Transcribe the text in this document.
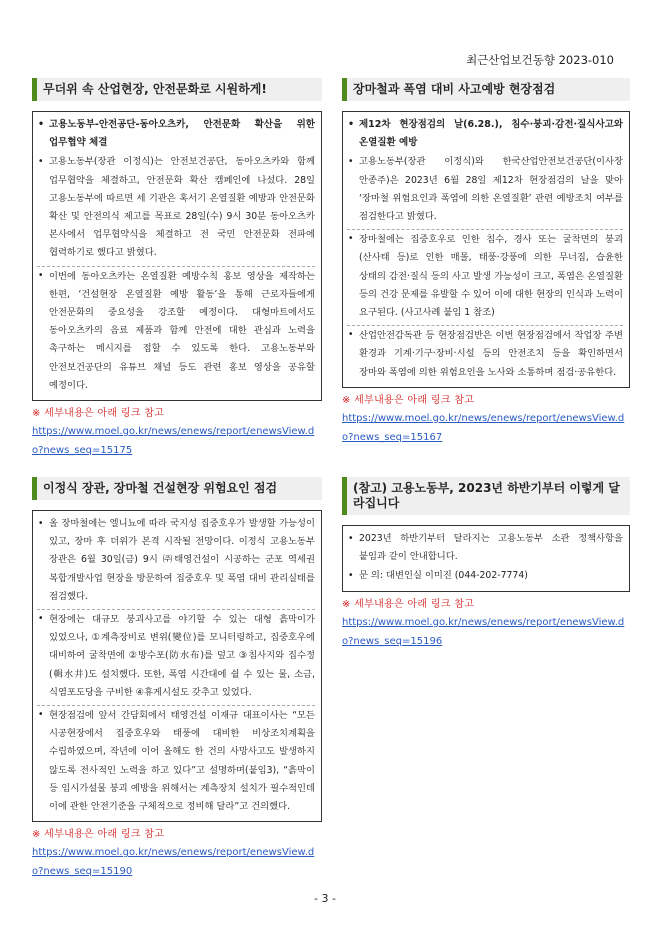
최근산업보건동향 2023-010
무더위 속 산업현장, 안전문화로 시원하게!
• 고용노동부-안전공단-동아오츠카, 안전문화 확산을 위한 업무협약 체결
• 고용노동부(장관 이정식)는 안전보건공단, 동아오츠카와 함께 업무협약을 체결하고, 안전문화 확산 캠페인에 나섰다. 28일 고용노동부에 따르면 세 기관은 혹서기 온열질환 예방과 안전문화 확산 및 안전의식 제고를 목표로 28일(수) 9시 30분 동아오츠카 본사에서 업무협약식을 체결하고 전 국민 안전문화 전파에 협력하기로 했다고 밝혔다.
• 이번에 동아오츠카는 온열질환 예방수칙 홍보 영상을 제작하는 한편, ‘건설현장 온열질환 예방 활동’을 통해 근로자들에게 안전문화의 중요성을 강조할 예정이다. 대형마트에서도 동아오츠카의 음료 제품과 함께 안전에 대한 관심과 노력을 촉구하는 메시지를 접할 수 있도록 한다. 고용노동부와 안전보건공단의 유튜브 채널 등도 관련 홍보 영상을 공유할 예정이다.
※ 세부내용은 아래 링크 참고
https://www.moel.go.kr/news/enews/report/enewsView.do?news_seq=15175
장마철과 폭염 대비 사고예방 현장점검
• 제12차 현장점검의 날(6.28.), 침수·붕괴·감전·질식사고와 온열질환 예방
• 고용노동부(장관 이정식)와 한국산업안전보건공단(이사장 안종주)은 2023년 6월 28일 제12차 현장점검의 날을 맞아 ‘장마철 위험요인과 폭염에 의한 온열질환’ 관련 예방조치 여부를 점검한다고 밝혔다.
• 장마철에는 집중호우로 인한 침수, 경사 또는 굴착면의 붕괴(산사태 등)로 인한 매몰, 태풍·강풍에 의한 무너짐, 습윤한 상태의 감전·질식 등의 사고 발생 가능성이 크고, 폭염은 온열질환 등의 건강 문제를 유발할 수 있어 이에 대한 현장의 인식과 노력이 요구된다. (사고사례 붙임 1 참조)
• 산업안전감독관 등 현장점검반은 이번 현장점검에서 작업장 주변 환경과 기계·기구·장비·시설 등의 안전조치 등을 확인하면서 장마와 폭염에 의한 위험요인을 노사와 소통하며 점검·공유한다.
※ 세부내용은 아래 링크 참고
https://www.moel.go.kr/news/enews/report/enewsView.do?news_seq=15167
이정식 장관, 장마철 건설현장 위험요인 점검
• 올 장마철에는 엘니뇨에 따라 국지성 집중호우가 발생할 가능성이 있고, 장마 후 더위가 본격 시작될 전망이다. 이정식 고용노동부 장관은 6월 30일(금) 9시 ㈜태영건설이 시공하는 군포 역세권 복합개발사업 현장을 방문하여 집중호우 및 폭염 대비 관리실태를 점검했다.
• 현장에는 대규모 붕괴사고를 야기할 수 있는 대형 흙막이가 있었으나, ①계측장비로 변위(變位)를 모니터링하고, 집중호우에 대비하여 굴착면에 ②방수포(防水布)를 덮고 ③침사지와 집수정(輯水井)도 설치했다. 또한, 폭염 시간대에 쉴 수 있는 물, 소금, 식염포도당을 구비한 ④휴게시설도 갖추고 있었다.
• 현장점검에 앞서 간담회에서 태영건설 이재규 대표이사는 “모든 시공현장에서 집중호우와 태풍에 대비한 비상조치계획을 수립하였으며, 작년에 이어 올해도 한 건의 사망사고도 발생하지 않도록 전사적인 노력을 하고 있다”고 설명하며(붙임3), “흙막이 등 임시가설물 붕괴 예방을 위해서는 계측장치 설치가 필수적인데 이에 관한 안전기준을 구체적으로 정비해 달라”고 건의했다.
※ 세부내용은 아래 링크 참고
https://www.moel.go.kr/news/enews/report/enewsView.do?news_seq=15190
(참고) 고용노동부, 2023년 하반기부터 이렇게 달라집니다
• 2023년 하반기부터 달라지는 고용노동부 소관 정책사항을 붙임과 같이 안내합니다.
• 문 의: 대변인실 이미진 (044-202-7774)
※ 세부내용은 아래 링크 참고
https://www.moel.go.kr/news/enews/report/enewsView.do?news_seq=15196
- 3 -
